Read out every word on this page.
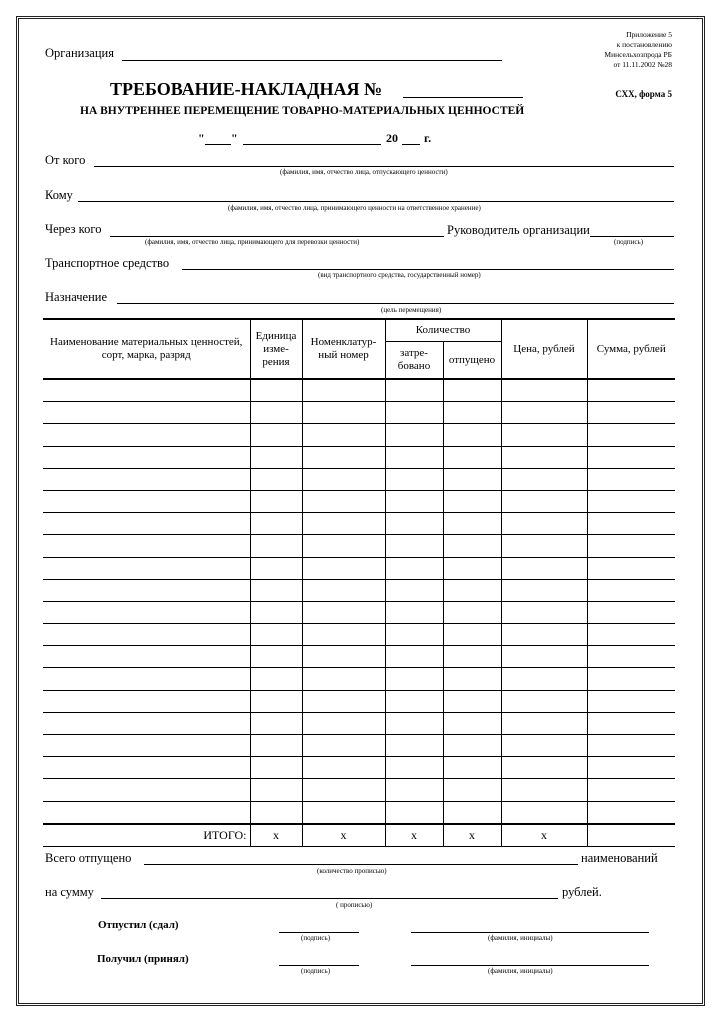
Приложение 5
к постановлению
Минсельхозпрода РБ
от 11.11.2002 №28
СХХ, форма 5
Организация
ТРЕБОВАНИЕ-НАКЛАДНАЯ №
НА ВНУТРЕННЕЕ ПЕРЕМЕЩЕНИЕ ТОВАРНО-МАТЕРИАЛЬНЫХ ЦЕННОСТЕЙ
" "	20 г.
От кого
(фамилия, имя, отчество лица, отпускающего ценности)
Кому
(фамилия, имя, отчество лица, принимающего ценности на ответственное хранение)
Через кого
(фамилия, имя, отчество лица, принимающего для перевозки ценности)
Руководитель организации
(подпись)
Транспортное средство
(вид транспортного средства, государственный номер)
Назначение
(цель перемещения)
Наименование материальных ценностей, сорт, марка, разряд	Единица изме-рения	Номенклатур-ный номер	Количество		Цена, рублей	Сумма, рублей
			затре-бовано	отпущено		

ИТОГО:	х	х	х	х	х	
Всего отпущено	наименований
(количество прописью)
на сумму	рублей.
( прописью)
Отпустил (сдал)
(подпись)	(фамилия, инициалы)
Получил (принял)
(подпись)	(фамилия, инициалы)
